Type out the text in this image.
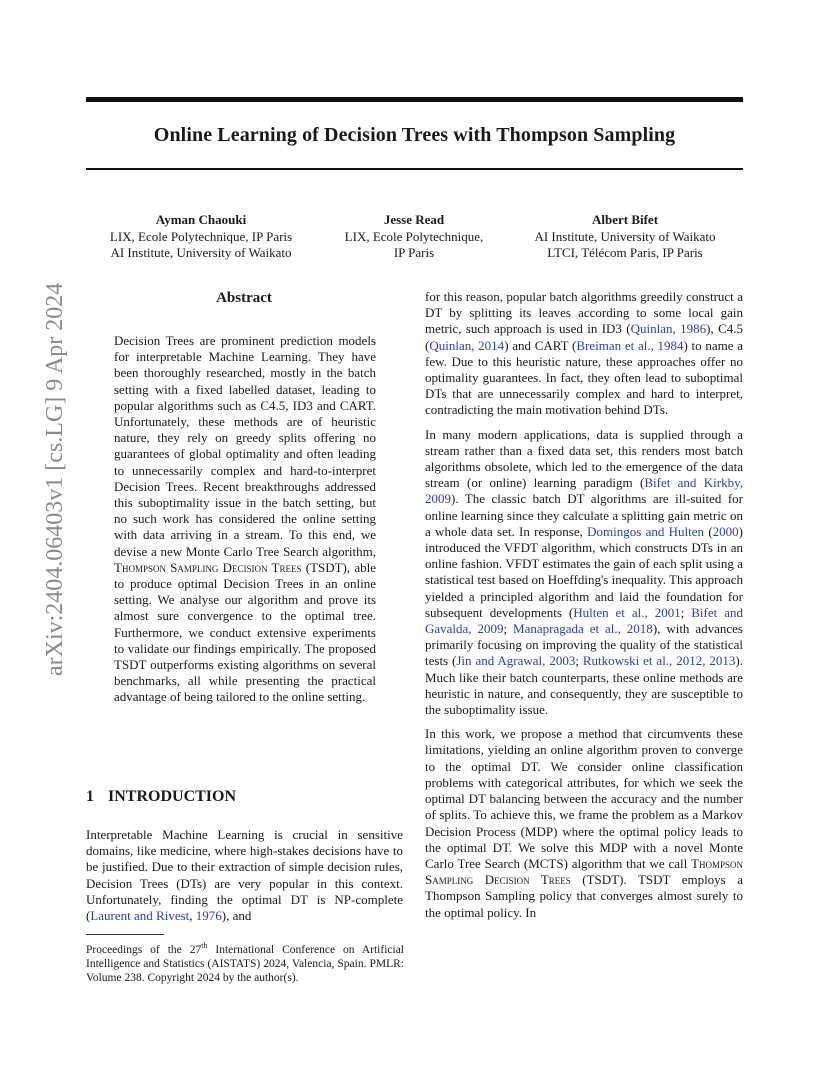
Online Learning of Decision Trees with Thompson Sampling
Ayman Chaouki
LIX, Ecole Polytechnique, IP Paris
AI Institute, University of Waikato
Jesse Read
LIX, Ecole Polytechnique,
IP Paris
Albert Bifet
AI Institute, University of Waikato
LTCI, Télécom Paris, IP Paris
arXiv:2404.06403v1 [cs.LG] 9 Apr 2024	Abstract
Decision Trees are prominent prediction models for interpretable Machine Learning. They have been thoroughly researched, mostly in the batch setting with a fixed labelled dataset, leading to popular algorithms such as C4.5, ID3 and CART. Unfortunately, these methods are of heuristic nature, they rely on greedy splits offering no guarantees of global optimality and often leading to unnecessarily complex and hard-to-interpret Decision Trees. Recent breakthroughs addressed this suboptimality issue in the batch setting, but no such work has considered the online setting with data arriving in a stream. To this end, we devise a new Monte Carlo Tree Search algorithm, Thompson Sampling Decision Trees (TSDT), able to produce optimal Decision Trees in an online setting. We analyse our algorithm and prove its almost sure convergence to the optimal tree. Furthermore, we conduct extensive experiments to validate our findings empirically. The proposed TSDT outperforms existing algorithms on several benchmarks, all while presenting the practical advantage of being tailored to the online setting.
1 INTRODUCTION

Interpretable Machine Learning is crucial in sensitive domains, like medicine, where high-stakes decisions have to be justified. Due to their extraction of simple decision rules, Decision Trees (DTs) are very popular in this context. Unfortunately, finding the optimal DT is NP-complete (Laurent and Rivest, 1976), and

Proceedings of the 27th International Conference on Artificial Intelligence and Statistics (AISTATS) 2024, Valencia, Spain. PMLR: Volume 238. Copyright 2024 by the author(s).

for this reason, popular batch algorithms greedily construct a DT by splitting its leaves according to some local gain metric, such approach is used in ID3 (Quinlan, 1986), C4.5 (Quinlan, 2014) and CART (Breiman et al., 1984) to name a few. Due to this heuristic nature, these approaches offer no optimality guarantees. In fact, they often lead to suboptimal DTs that are unnecessarily complex and hard to interpret, contradicting the main motivation behind DTs.

In many modern applications, data is supplied through a stream rather than a fixed data set, this renders most batch algorithms obsolete, which led to the emergence of the data stream (or online) learning paradigm (Bifet and Kirkby, 2009). The classic batch DT algorithms are ill-suited for online learning since they calculate a splitting gain metric on a whole data set. In response, Domingos and Hulten (2000) introduced the VFDT algorithm, which constructs DTs in an online fashion. VFDT estimates the gain of each split using a statistical test based on Hoeffding's inequality. This approach yielded a principled algorithm and laid the foundation for subsequent developments (Hulten et al., 2001; Bifet and Gavalda, 2009; Manapragada et al., 2018), with advances primarily focusing on improving the quality of the statistical tests (Jin and Agrawal, 2003; Rutkowski et al., 2012, 2013). Much like their batch counterparts, these online methods are heuristic in nature, and consequently, they are susceptible to the suboptimality issue.

In this work, we propose a method that circumvents these limitations, yielding an online algorithm proven to converge to the optimal DT. We consider online classification problems with categorical attributes, for which we seek the optimal DT balancing between the accuracy and the number of splits. To achieve this, we frame the problem as a Markov Decision Process (MDP) where the optimal policy leads to the optimal DT. We solve this MDP with a novel Monte Carlo Tree Search (MCTS) algorithm that we call Thompson Sampling Decision Trees (TSDT). TSDT employs a Thompson Sampling policy that converges almost surely to the optimal policy. In
